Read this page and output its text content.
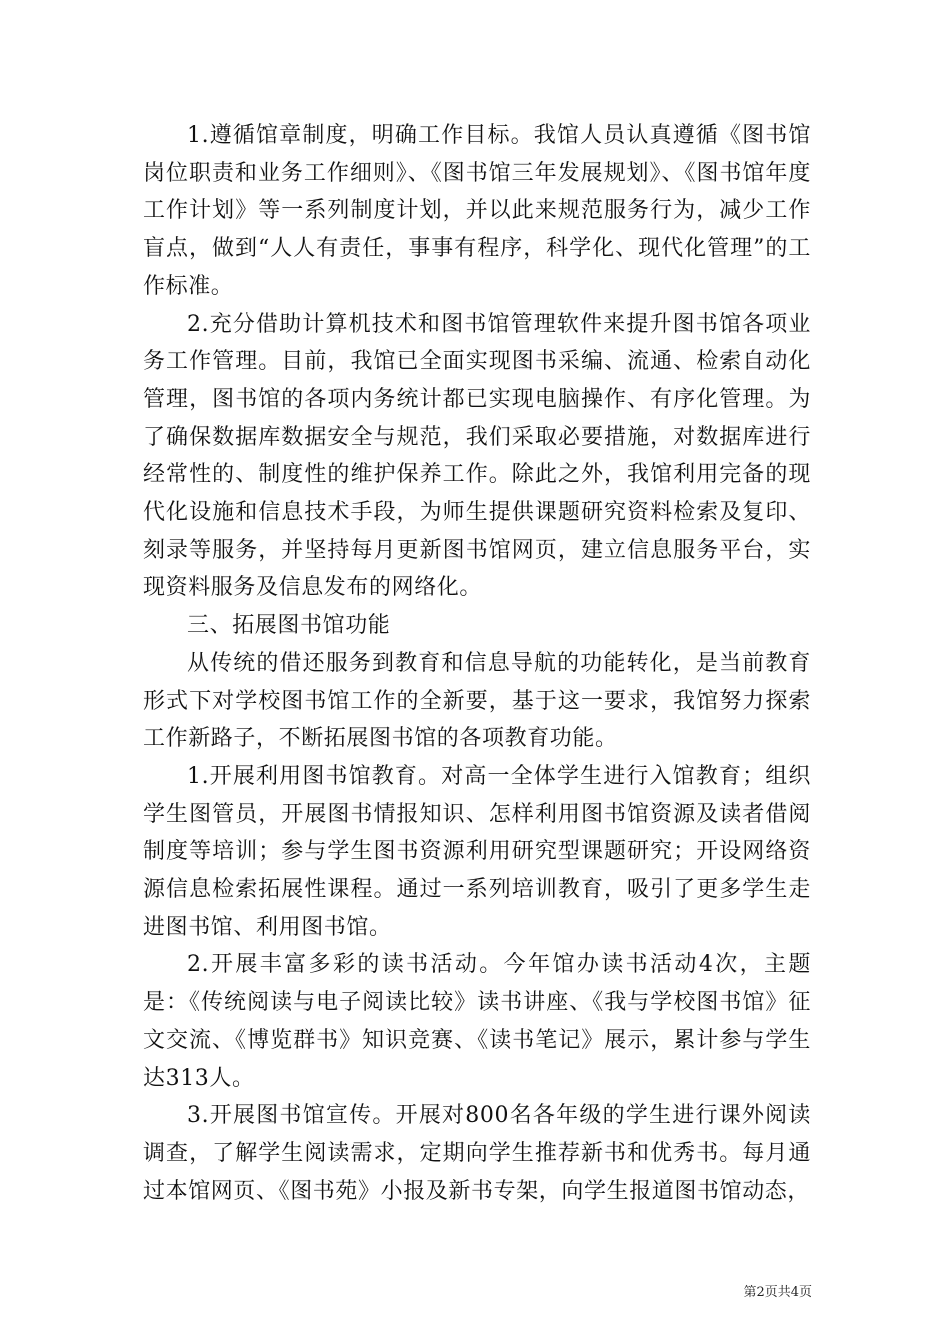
1.遵循馆章制度，明确工作目标。我馆人员认真遵循《图书馆岗位职责和业务工作细则》、《图书馆三年发展规划》、《图书馆年度工作计划》等一系列制度计划，并以此来规范服务行为，减少工作盲点，做到“人人有责任，事事有程序，科学化、现代化管理”的工作标准。

2.充分借助计算机技术和图书馆管理软件来提升图书馆各项业务工作管理。目前，我馆已全面实现图书采编、流通、检索自动化管理，图书馆的各项内务统计都已实现电脑操作、有序化管理。为了确保数据库数据安全与规范，我们采取必要措施，对数据库进行经常性的、制度性的维护保养工作。除此之外，我馆利用完备的现代化设施和信息技术手段，为师生提供课题研究资料检索及复印、刻录等服务，并坚持每月更新图书馆网页，建立信息服务平台，实现资料服务及信息发布的网络化。

三、拓展图书馆功能

从传统的借还服务到教育和信息导航的功能转化，是当前教育形式下对学校图书馆工作的全新要，基于这一要求，我馆努力探索工作新路子，不断拓展图书馆的各项教育功能。

1.开展利用图书馆教育。对高一全体学生进行入馆教育；组织学生图管员，开展图书情报知识、怎样利用图书馆资源及读者借阅制度等培训；参与学生图书资源利用研究型课题研究；开设网络资源信息检索拓展性课程。通过一系列培训教育，吸引了更多学生走进图书馆、利用图书馆。

2.开展丰富多彩的读书活动。今年馆办读书活动4次，主题是：《传统阅读与电子阅读比较》读书讲座、《我与学校图书馆》征文交流、《博览群书》知识竞赛、《读书笔记》展示，累计参与学生达313人。

3.开展图书馆宣传。开展对800名各年级的学生进行课外阅读调查，了解学生阅读需求，定期向学生推荐新书和优秀书。每月通过本馆网页、《图书苑》小报及新书专架，向学生报道图书馆动态，

第2页共4页
